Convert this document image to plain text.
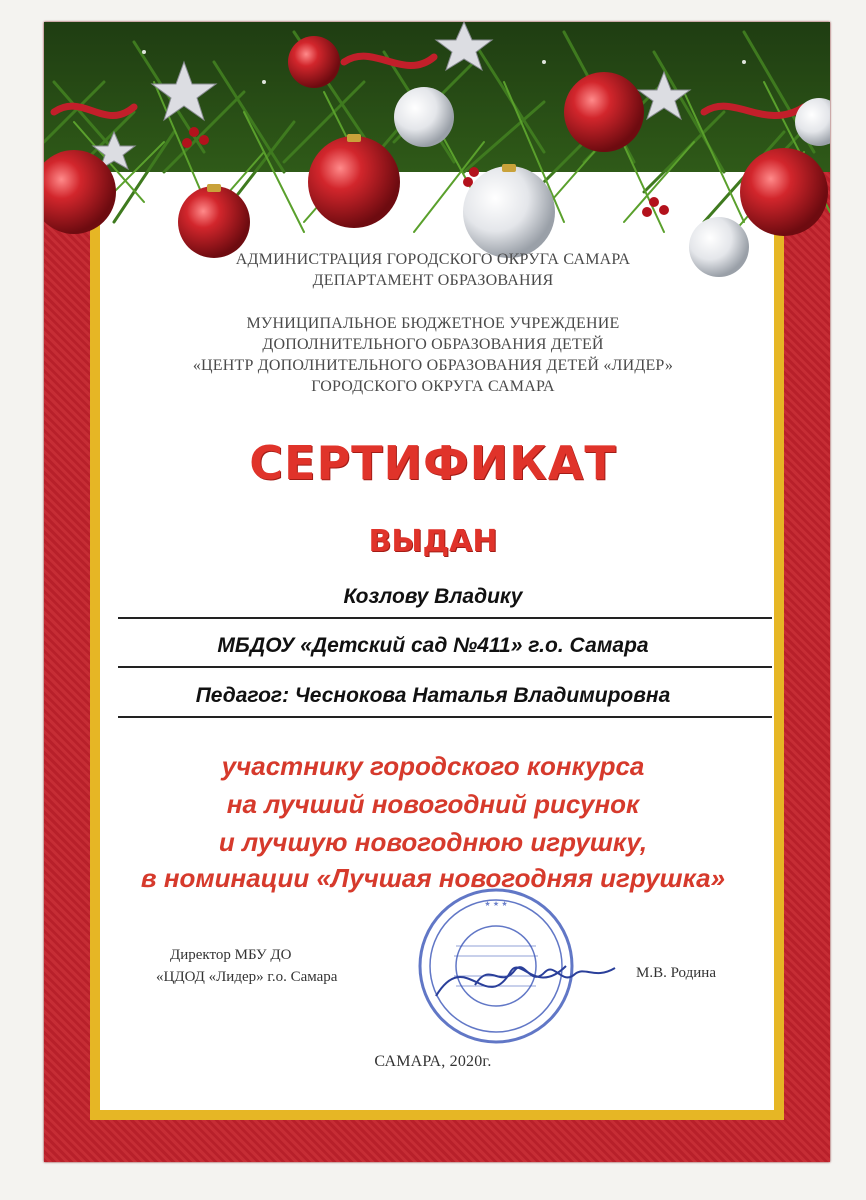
АДМИНИСТРАЦИЯ ГОРОДСКОГО ОКРУГА САМАРА
ДЕПАРТАМЕНТ ОБРАЗОВАНИЯ
МУНИЦИПАЛЬНОЕ БЮДЖЕТНОЕ УЧРЕЖДЕНИЕ
ДОПОЛНИТЕЛЬНОГО ОБРАЗОВАНИЯ ДЕТЕЙ
«ЦЕНТР ДОПОЛНИТЕЛЬНОГО ОБРАЗОВАНИЯ ДЕТЕЙ «ЛИДЕР»
ГОРОДСКОГО ОКРУГА САМАРА
СЕРТИФИКАТ
ВЫДАН
Козлову Владику
МБДОУ «Детский сад №411» г.о. Самара
Педагог: Чеснокова Наталья Владимировна
участнику городского конкурса
на лучший новогодний рисунок
и лучшую новогоднюю игрушку,
в номинации «Лучшая новогодняя игрушка»
Директор МБУ ДО
«ЦДОД «Лидер» г.о. Самара	М.В. Родина
★ ★ ★
САМАРА, 2020г.
